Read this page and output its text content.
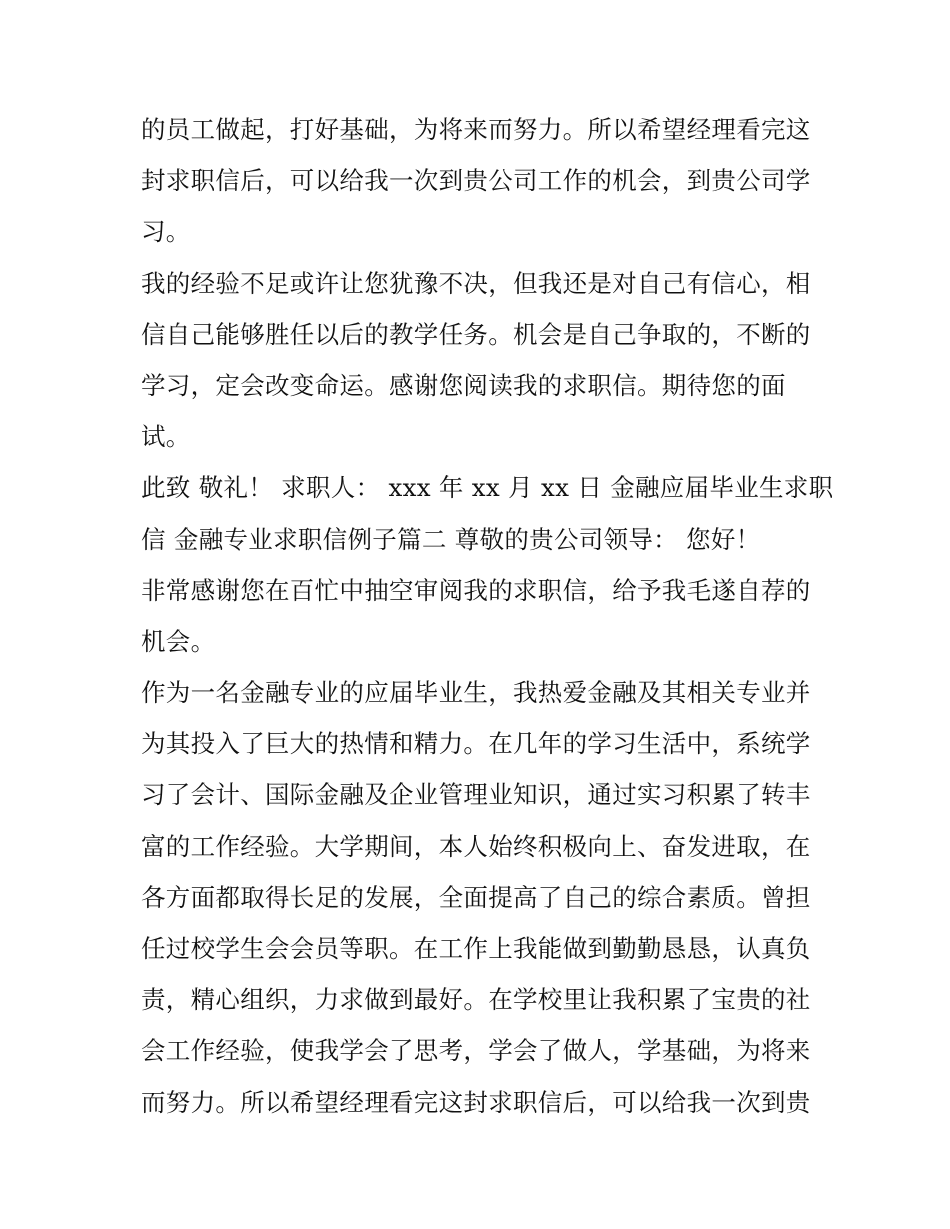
的员工做起，打好基础，为将来而努力。所以希望经理看完这
封求职信后，可以给我一次到贵公司工作的机会，到贵公司学
习。
我的经验不足或许让您犹豫不决，但我还是对自己有信心，相
信自己能够胜任以后的教学任务。机会是自己争取的，不断的
学习，定会改变命运。感谢您阅读我的求职信。期待您的面
试。
此致 敬礼！ 求职人： xxx 年 xx 月 xx 日 金融应届毕业生求职
信 金融专业求职信例子篇二 尊敬的贵公司领导： 您好！
非常感谢您在百忙中抽空审阅我的求职信，给予我毛遂自荐的
机会。
作为一名金融专业的应届毕业生，我热爱金融及其相关专业并
为其投入了巨大的热情和精力。在几年的学习生活中，系统学
习了会计、国际金融及企业管理业知识，通过实习积累了转丰
富的工作经验。大学期间，本人始终积极向上、奋发进取，在
各方面都取得长足的发展，全面提高了自己的综合素质。曾担
任过校学生会会员等职。在工作上我能做到勤勤恳恳，认真负
责，精心组织，力求做到最好。在学校里让我积累了宝贵的社
会工作经验，使我学会了思考，学会了做人，学基础，为将来
而努力。所以希望经理看完这封求职信后，可以给我一次到贵
